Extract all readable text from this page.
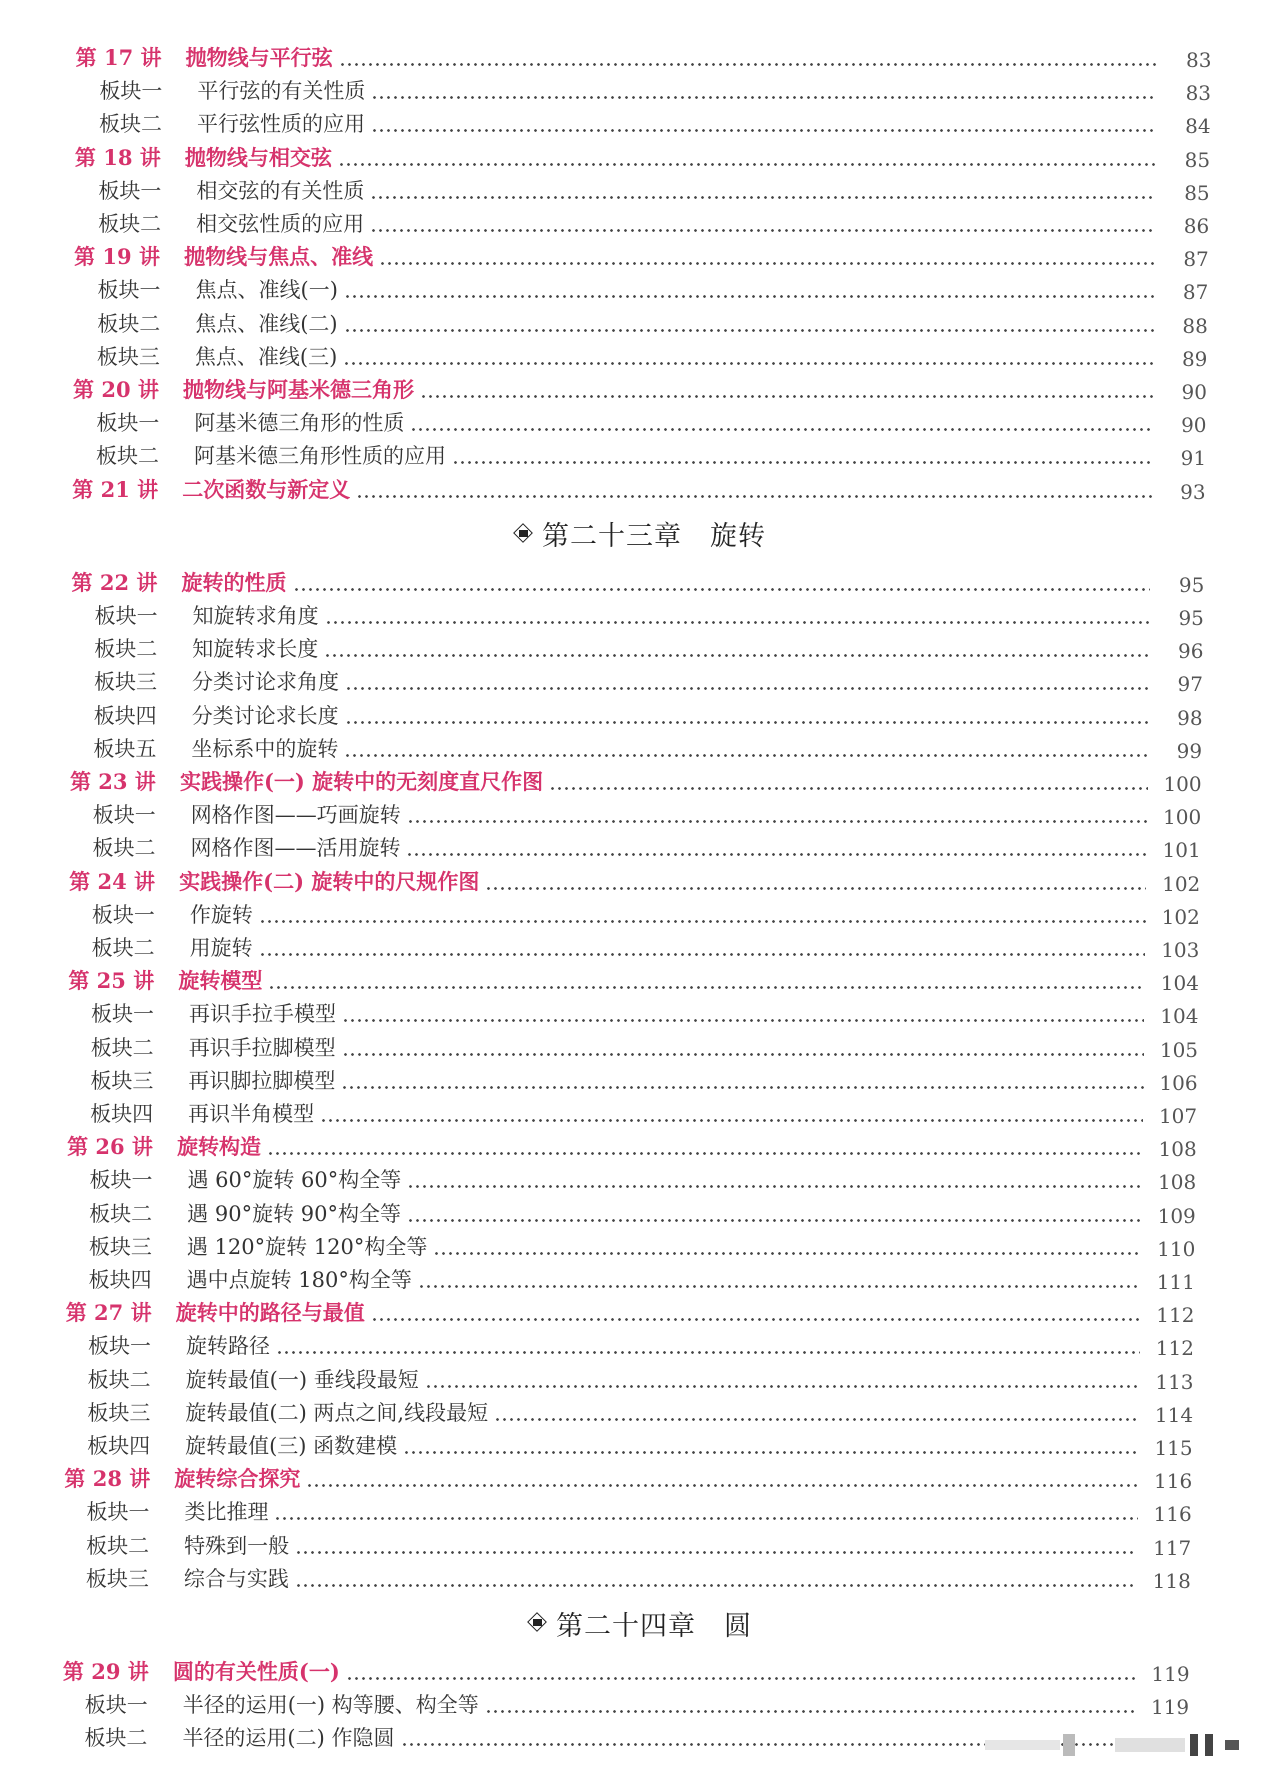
第 17 讲	抛物线与平行弦	83
板块一	平行弦的有关性质	83
板块二	平行弦性质的应用	84
第 18 讲	抛物线与相交弦	85
板块一	相交弦的有关性质	85
板块二	相交弦性质的应用	86
第 19 讲	抛物线与焦点、准线	87
板块一	焦点、准线(一)	87
板块二	焦点、准线(二)	88
板块三	焦点、准线(三)	89
第 20 讲	抛物线与阿基米德三角形	90
板块一	阿基米德三角形的性质	90
板块二	阿基米德三角形性质的应用	91
第 21 讲	二次函数与新定义	93
第二十三章 旋转
第 22 讲	旋转的性质	95
板块一	知旋转求角度	95
板块二	知旋转求长度	96
板块三	分类讨论求角度	97
板块四	分类讨论求长度	98
板块五	坐标系中的旋转	99
第 23 讲	实践操作(一) 旋转中的无刻度直尺作图	100
板块一	网格作图——巧画旋转	100
板块二	网格作图——活用旋转	101
第 24 讲	实践操作(二) 旋转中的尺规作图	102
板块一	作旋转	102
板块二	用旋转	103
第 25 讲	旋转模型	104
板块一	再识手拉手模型	104
板块二	再识手拉脚模型	105
板块三	再识脚拉脚模型	106
板块四	再识半角模型	107
第 26 讲	旋转构造	108
板块一	遇 60°旋转 60°构全等	108
板块二	遇 90°旋转 90°构全等	109
板块三	遇 120°旋转 120°构全等	110
板块四	遇中点旋转 180°构全等	111
第 27 讲	旋转中的路径与最值	112
板块一	旋转路径	112
板块二	旋转最值(一) 垂线段最短	113
板块三	旋转最值(二) 两点之间,线段最短	114
板块四	旋转最值(三) 函数建模	115
第 28 讲	旋转综合探究	116
板块一	类比推理	116
板块二	特殊到一般	117
板块三	综合与实践	118
第二十四章 圆
第 29 讲	圆的有关性质(一)	119
板块一	半径的运用(一) 构等腰、构全等	119
板块二	半径的运用(二) 作隐圆
